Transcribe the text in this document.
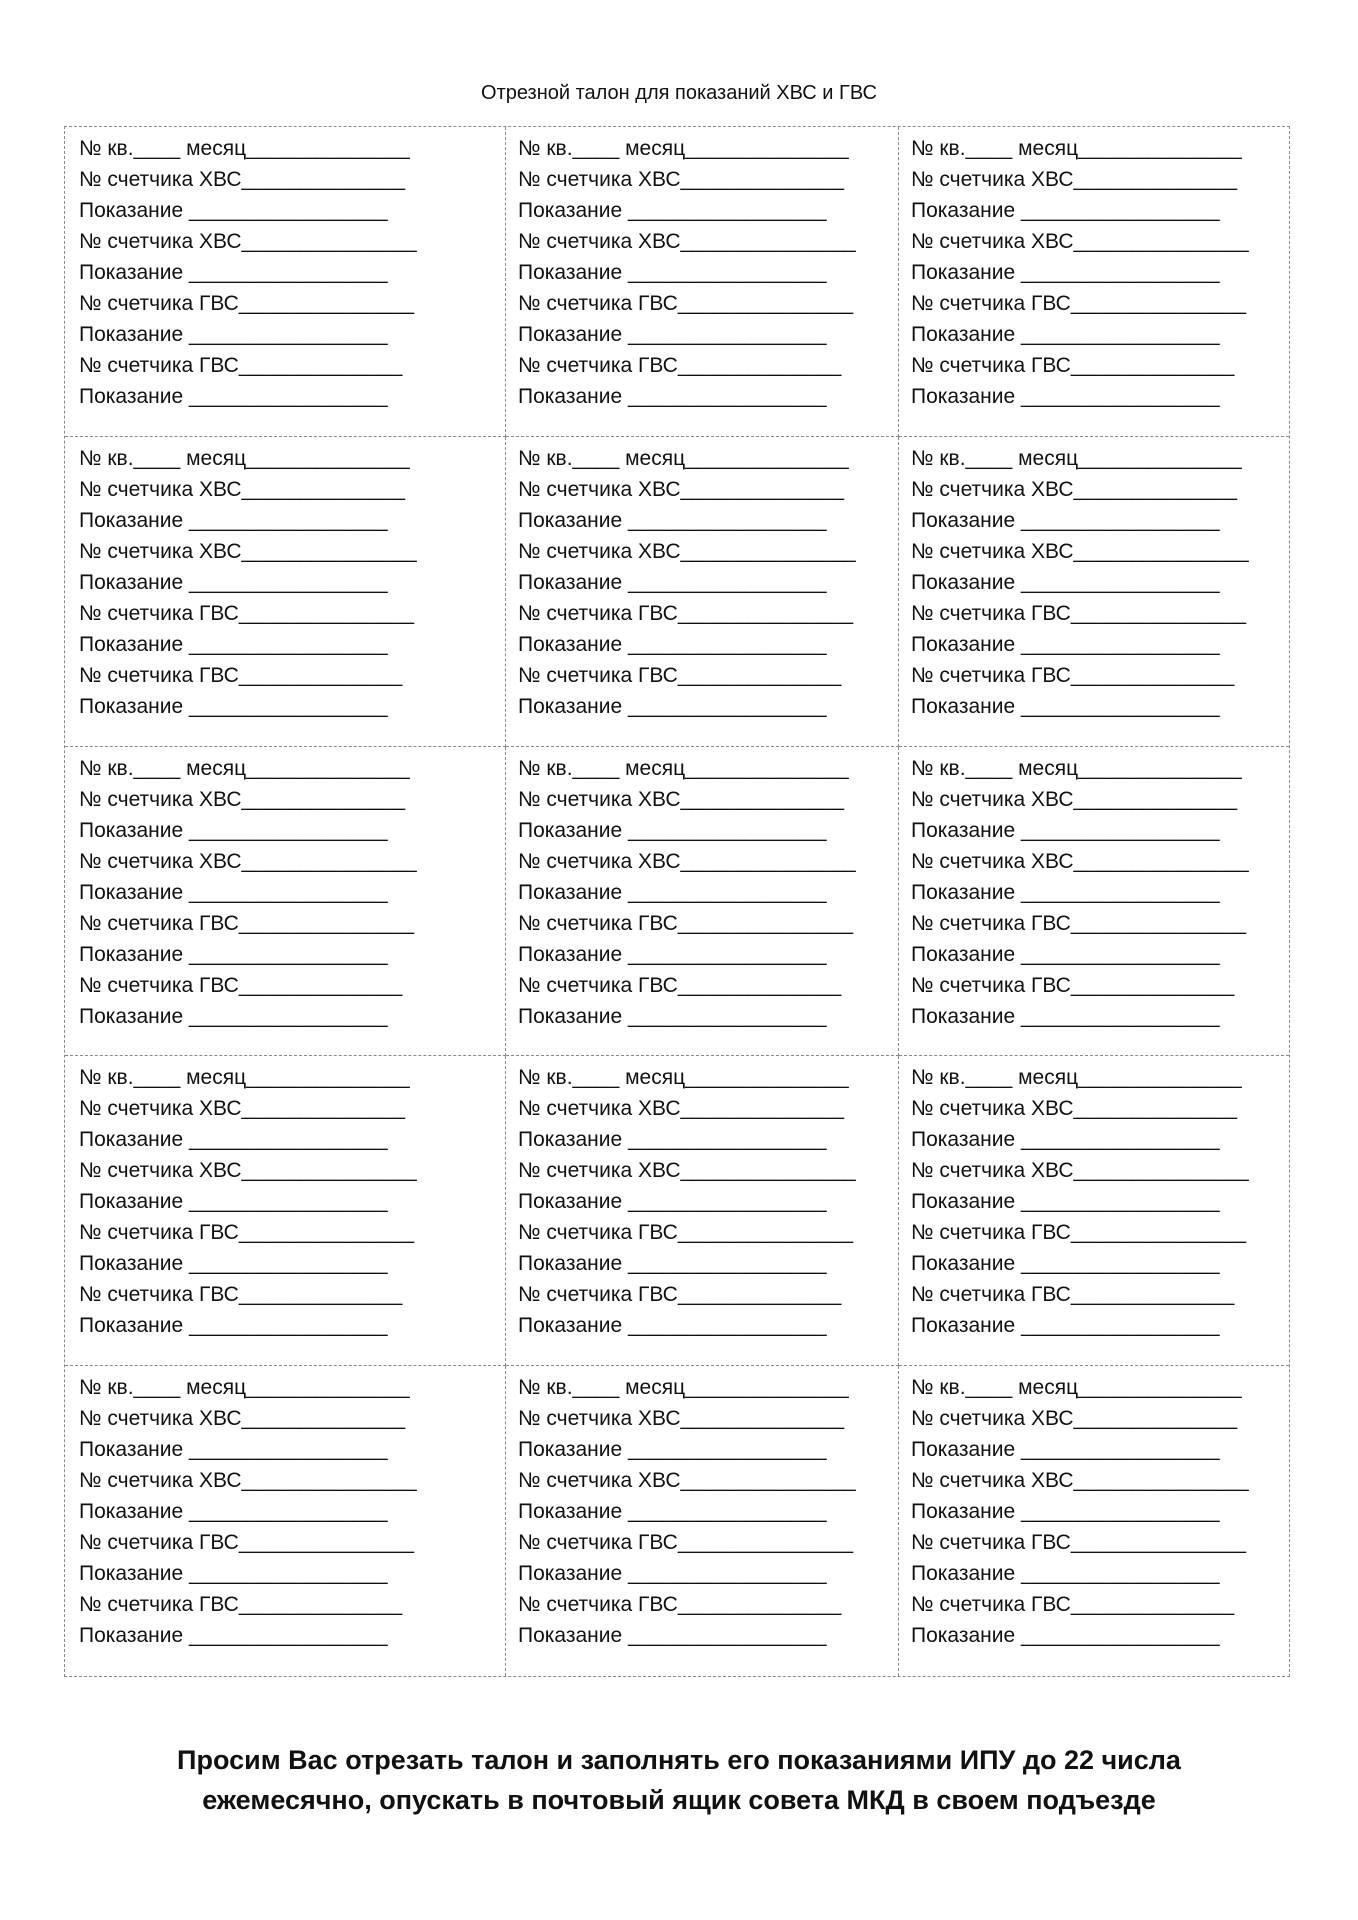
Отрезной талон для показаний ХВС и ГВС
№ кв.____ месяц______________
№ счетчика ХВС______________
Показание _________________
№ счетчика ХВС_______________
Показание _________________
№ счетчика ГВС_______________
Показание _________________
№ счетчика ГВС______________
Показание _________________
№ кв.____ месяц______________
№ счетчика ХВС______________
Показание _________________
№ счетчика ХВС_______________
Показание _________________
№ счетчика ГВС_______________
Показание _________________
№ счетчика ГВС______________
Показание _________________
№ кв.____ месяц______________
№ счетчика ХВС______________
Показание _________________
№ счетчика ХВС_______________
Показание _________________
№ счетчика ГВС_______________
Показание _________________
№ счетчика ГВС______________
Показание _________________
№ кв.____ месяц______________
№ счетчика ХВС______________
Показание _________________
№ счетчика ХВС_______________
Показание _________________
№ счетчика ГВС_______________
Показание _________________
№ счетчика ГВС______________
Показание _________________
№ кв.____ месяц______________
№ счетчика ХВС______________
Показание _________________
№ счетчика ХВС_______________
Показание _________________
№ счетчика ГВС_______________
Показание _________________
№ счетчика ГВС______________
Показание _________________
№ кв.____ месяц______________
№ счетчика ХВС______________
Показание _________________
№ счетчика ХВС_______________
Показание _________________
№ счетчика ГВС_______________
Показание _________________
№ счетчика ГВС______________
Показание _________________
№ кв.____ месяц______________
№ счетчика ХВС______________
Показание _________________
№ счетчика ХВС_______________
Показание _________________
№ счетчика ГВС_______________
Показание _________________
№ счетчика ГВС______________
Показание _________________
№ кв.____ месяц______________
№ счетчика ХВС______________
Показание _________________
№ счетчика ХВС_______________
Показание _________________
№ счетчика ГВС_______________
Показание _________________
№ счетчика ГВС______________
Показание _________________
№ кв.____ месяц______________
№ счетчика ХВС______________
Показание _________________
№ счетчика ХВС_______________
Показание _________________
№ счетчика ГВС_______________
Показание _________________
№ счетчика ГВС______________
Показание _________________
№ кв.____ месяц______________
№ счетчика ХВС______________
Показание _________________
№ счетчика ХВС_______________
Показание _________________
№ счетчика ГВС_______________
Показание _________________
№ счетчика ГВС______________
Показание _________________
№ кв.____ месяц______________
№ счетчика ХВС______________
Показание _________________
№ счетчика ХВС_______________
Показание _________________
№ счетчика ГВС_______________
Показание _________________
№ счетчика ГВС______________
Показание _________________
№ кв.____ месяц______________
№ счетчика ХВС______________
Показание _________________
№ счетчика ХВС_______________
Показание _________________
№ счетчика ГВС_______________
Показание _________________
№ счетчика ГВС______________
Показание _________________
№ кв.____ месяц______________
№ счетчика ХВС______________
Показание _________________
№ счетчика ХВС_______________
Показание _________________
№ счетчика ГВС_______________
Показание _________________
№ счетчика ГВС______________
Показание _________________
№ кв.____ месяц______________
№ счетчика ХВС______________
Показание _________________
№ счетчика ХВС_______________
Показание _________________
№ счетчика ГВС_______________
Показание _________________
№ счетчика ГВС______________
Показание _________________
№ кв.____ месяц______________
№ счетчика ХВС______________
Показание _________________
№ счетчика ХВС_______________
Показание _________________
№ счетчика ГВС_______________
Показание _________________
№ счетчика ГВС______________
Показание _________________
Просим Вас отрезать талон и заполнять его показаниями ИПУ до 22 числа
ежемесячно, опускать в почтовый ящик совета МКД в своем подъезде
